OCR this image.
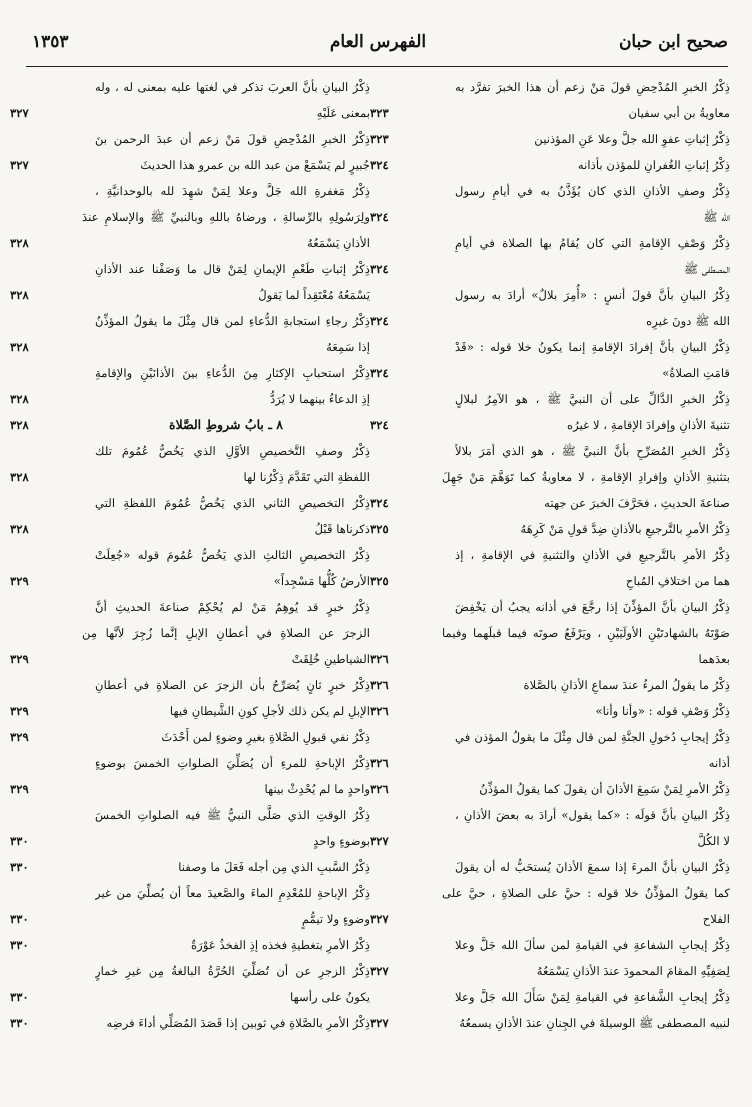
صحيح ابن حبان
الفهرس العام
١٣٥٣
ذِكْرُ الخبرِ المُدْحِضِ قولَ مَنْ زعم أن هذا الخبرَ تفرَّد به
معاويةُ بن أبي سفيان
٣٢٣
ذِكْرُ إثباتِ عفوِ الله جلَّ وعلا عَنِ المؤذنين
٣٢٣
ذِكْرُ إثباتِ الغُفرانِ للمؤذن بأذانه
٣٢٤
ذِكْرُ وصفِ الأذانِ الذي كان يُؤَذَّنُ به في أيامِ رسول
الله ﷺ
٣٢٤
ذِكْرُ وَصْفِ الإقامةِ التي كان يُقامُ بها الصلاة في أيامِ
المصطفى ﷺ
٣٢٤
ذِكْرُ البيانِ بأنَّ قولَ أنسٍ : «أُمِرَ بلالٌ» أرادَ به رسول
الله ﷺ دونَ غيرِه
٣٢٤
ذِكْرُ البيانِ بأنَّ إفرادَ الإقامةِ إنما يكونُ خلا قوله : «قَدْ
قامَتِ الصلاةُ»
٣٢٤
ذِكْرُ الخبرِ الدَّالِّ على أن النبيَّ ﷺ ، هو الآمِرُ لبلالٍ
تثنيةَ الأذانِ وإفرادَ الإقامةِ ، لا غيرُه
٣٢٤
ذِكْرُ الخبرِ المُصَرِّحِ بأنَّ النبيَّ ﷺ ، هو الذي أمَرَ بلالاً
بتثنيةِ الأذانِ وإفرادِ الإقامةِ ، لا معاويةُ كما تَوَهَّمَ مَنْ جَهِلَ
صناعةَ الحديثِ ، فحَرَّفَ الخبرَ عن جهته
٣٢٤
ذِكْرُ الأمرِ بالتَّرجيعِ بالأذانِ ضِدَّ قولِ مَنْ كَرِهَهُ
٣٢٥
ذِكْرُ الأمرِ بالتَّرجيعِ في الأذانِ والتثنيةِ في الإقامةِ ، إذ
هما من اختلافِ المُباحِ
٣٢٥
ذِكْرُ البيانِ بأنَّ المؤذِّنَ إذا رجَّعَ في أذانه يجبُ أن يَخْفِضَ
صَوْتَهُ بالشهادتَيْنِ الأولَيَيْنِ ، ويَرْفَعُ صوتَه فيما قبلَهما وفيما
بعدَهما
٣٢٦
ذِكْرُ ما يقولُ المرءُ عندَ سماعِ الأذانِ بالصَّلاة
٣٢٦
ذِكْرُ وَصْفِ قوله : «وأنا وأنا»
٣٢٦
ذِكْرُ إيجابِ دُخولِ الجنَّةِ لمن قال مِثْلَ ما يقولُ المؤذن في
أذانه
٣٢٦
ذِكْرُ الأمرِ لِمَنْ سَمِعَ الأذانَ أن يقولَ كما يقولُ المؤذِّنُ
٣٢٦
ذِكْرُ البيانِ بأنَّ قولَه : «كما يقول» أرادَ به بعضَ الأذانِ ،
لا الكُلَّ
٣٢٧
ذِكْرُ البيانِ بأنَّ المرءَ إذا سمعَ الأذانَ يُستحَبُّ له أن يقولَ
كما يقولُ المؤذِّنُ خلا قوله : حيَّ على الصلاةِ ، حيَّ على
الفلاح
٣٢٧
ذِكْرُ إيجابِ الشفاعةِ في القيامةِ لمن سألَ الله جَلَّ وعلا
لِصَفِيِّهِ المقامَ المحمودَ عندَ الأذانِ يَسْمَعُهُ
٣٢٧
ذِكْرُ إيجابِ الشَّفاعةِ في القيامةِ لِمَنْ سَأَلَ الله جَلَّ وعلا
لنبيه المصطفى ﷺ الوسيلةَ في الجِنانِ عندَ الأذانِ يسمعُهُ
٣٢٧
ذِكْرُ البيانِ بأنَّ العربَ تذكر في لغتها عليه بمعنى له ، وله
بمعنى عَلَيْهِ
٣٢٧
ذِكْرُ الخبرِ المُدْحِضِ قولَ مَنْ زعم أن عبدَ الرحمن بنَ
جُبيرٍ لم يَسْمَعْ من عبد الله بن عمرو هذا الحديثَ
٣٢٧
ذِكْرُ مَغفرةِ الله جَلَّ وعلا لِمَنْ شهِدَ لله بالوحدانيَّةِ ،
ولِرَسُولِهِ بالرِّسالةِ ، ورضاهُ باللهِ وبالنبيِّ ﷺ والإسلامِ عندَ
الأذانِ يَسْمَعُهُ
٣٢٨
ذِكْرُ إثباتِ طَعْمِ الإيمانِ لِمَنْ قال ما وَصَفْنا عند الأذانِ
يَسْمَعُهُ مُعْتَقِداً لما يَقولُ
٣٢٨
ذِكْرُ رجاءِ استجابةِ الدُّعاءِ لمن قال مِثْلَ ما يقولُ المؤذِّنُ
إذا سَمِعَهُ
٣٢٨
ذِكْرُ استحبابِ الإكثارِ مِنَ الدُّعاءِ بينَ الأذانَيْنِ والإقامةِ
إذِ الدعاءُ بينهما لا يُرَدُّ
٣٢٨
٨ ـ بابُ شروطِ الصَّلاة
٣٢٨
ذِكْرُ وصفِ التَّخصيصِ الأوَّلِ الذي يَخُصُّ عُمُومَ تلك
اللفظةِ التي تَقَدَّمَ ذِكْرُنا لها
٣٢٨
ذِكْرُ التخصيصِ الثاني الذي يَخُصُّ عُمُومَ اللفظةِ التي
ذكرناها قَبْلُ
٣٢٨
ذِكْرُ التخصيصِ الثالثِ الذي يَخُصُّ عُمُومَ قوله «جُعِلَتْ
الأرضُ كُلُّها مَسْجِداً»
٣٢٩
ذِكْرُ خبرٍ قد يُوهِمُ مَنْ لم يُحْكِمْ صناعةَ الحديثِ أنَّ
الزجرَ عن الصلاةِ في أعطانِ الإبلِ إنَّما زُجِرَ لأنَّها مِن
الشياطينِ خُلِقَتْ
٣٢٩
ذِكْرُ خبرٍ ثانٍ يُصَرِّحُ بأن الزجرَ عن الصلاةِ في أعطانِ
الإبلِ لم يكن ذلك لأجلِ كونِ الشَّيطانِ فيها
٣٢٩
ذِكْرُ نفي قبولِ الصَّلاةِ بغيرِ وضوءٍ لمن أَحْدَثَ
٣٢٩
ذِكْرُ الإباحةِ للمرءِ أن يُصَلِّيَ الصلواتِ الخمسَ بوضوءٍ
واحدٍ ما لم يُحْدِثْ بينها
٣٢٩
ذِكْرُ الوقتِ الذي صَلَّى النبيُّ ﷺ فيه الصلواتِ الخمسَ
بوضوءٍ واحدٍ
٣٣٠
ذِكْرُ السَّببِ الذي مِن أجله فَعَلَ ما وصفنا
٣٣٠
ذِكْرُ الإباحةِ للمُعْدِمِ الماءَ والصَّعيدَ معاً أن يُصلِّيَ من غير
وضوءٍ ولا تيمُّمٍ
٣٣٠
ذِكْرُ الأمرِ بتغطيةِ فخذه إذِ الفخذُ عَوْرَةٌ
٣٣٠
ذِكْرُ الزجرِ عن أن تُصَلِّيَ الحُرَّةُ البالغةُ مِن غيرِ خمارٍ
يكونُ على رأسها
٣٣٠
ذِكْرُ الأمرِ بالصَّلاةِ في ثوبين إذا قَصَدَ المُصَلِّي أداءَ فرضِه
٣٣٠
